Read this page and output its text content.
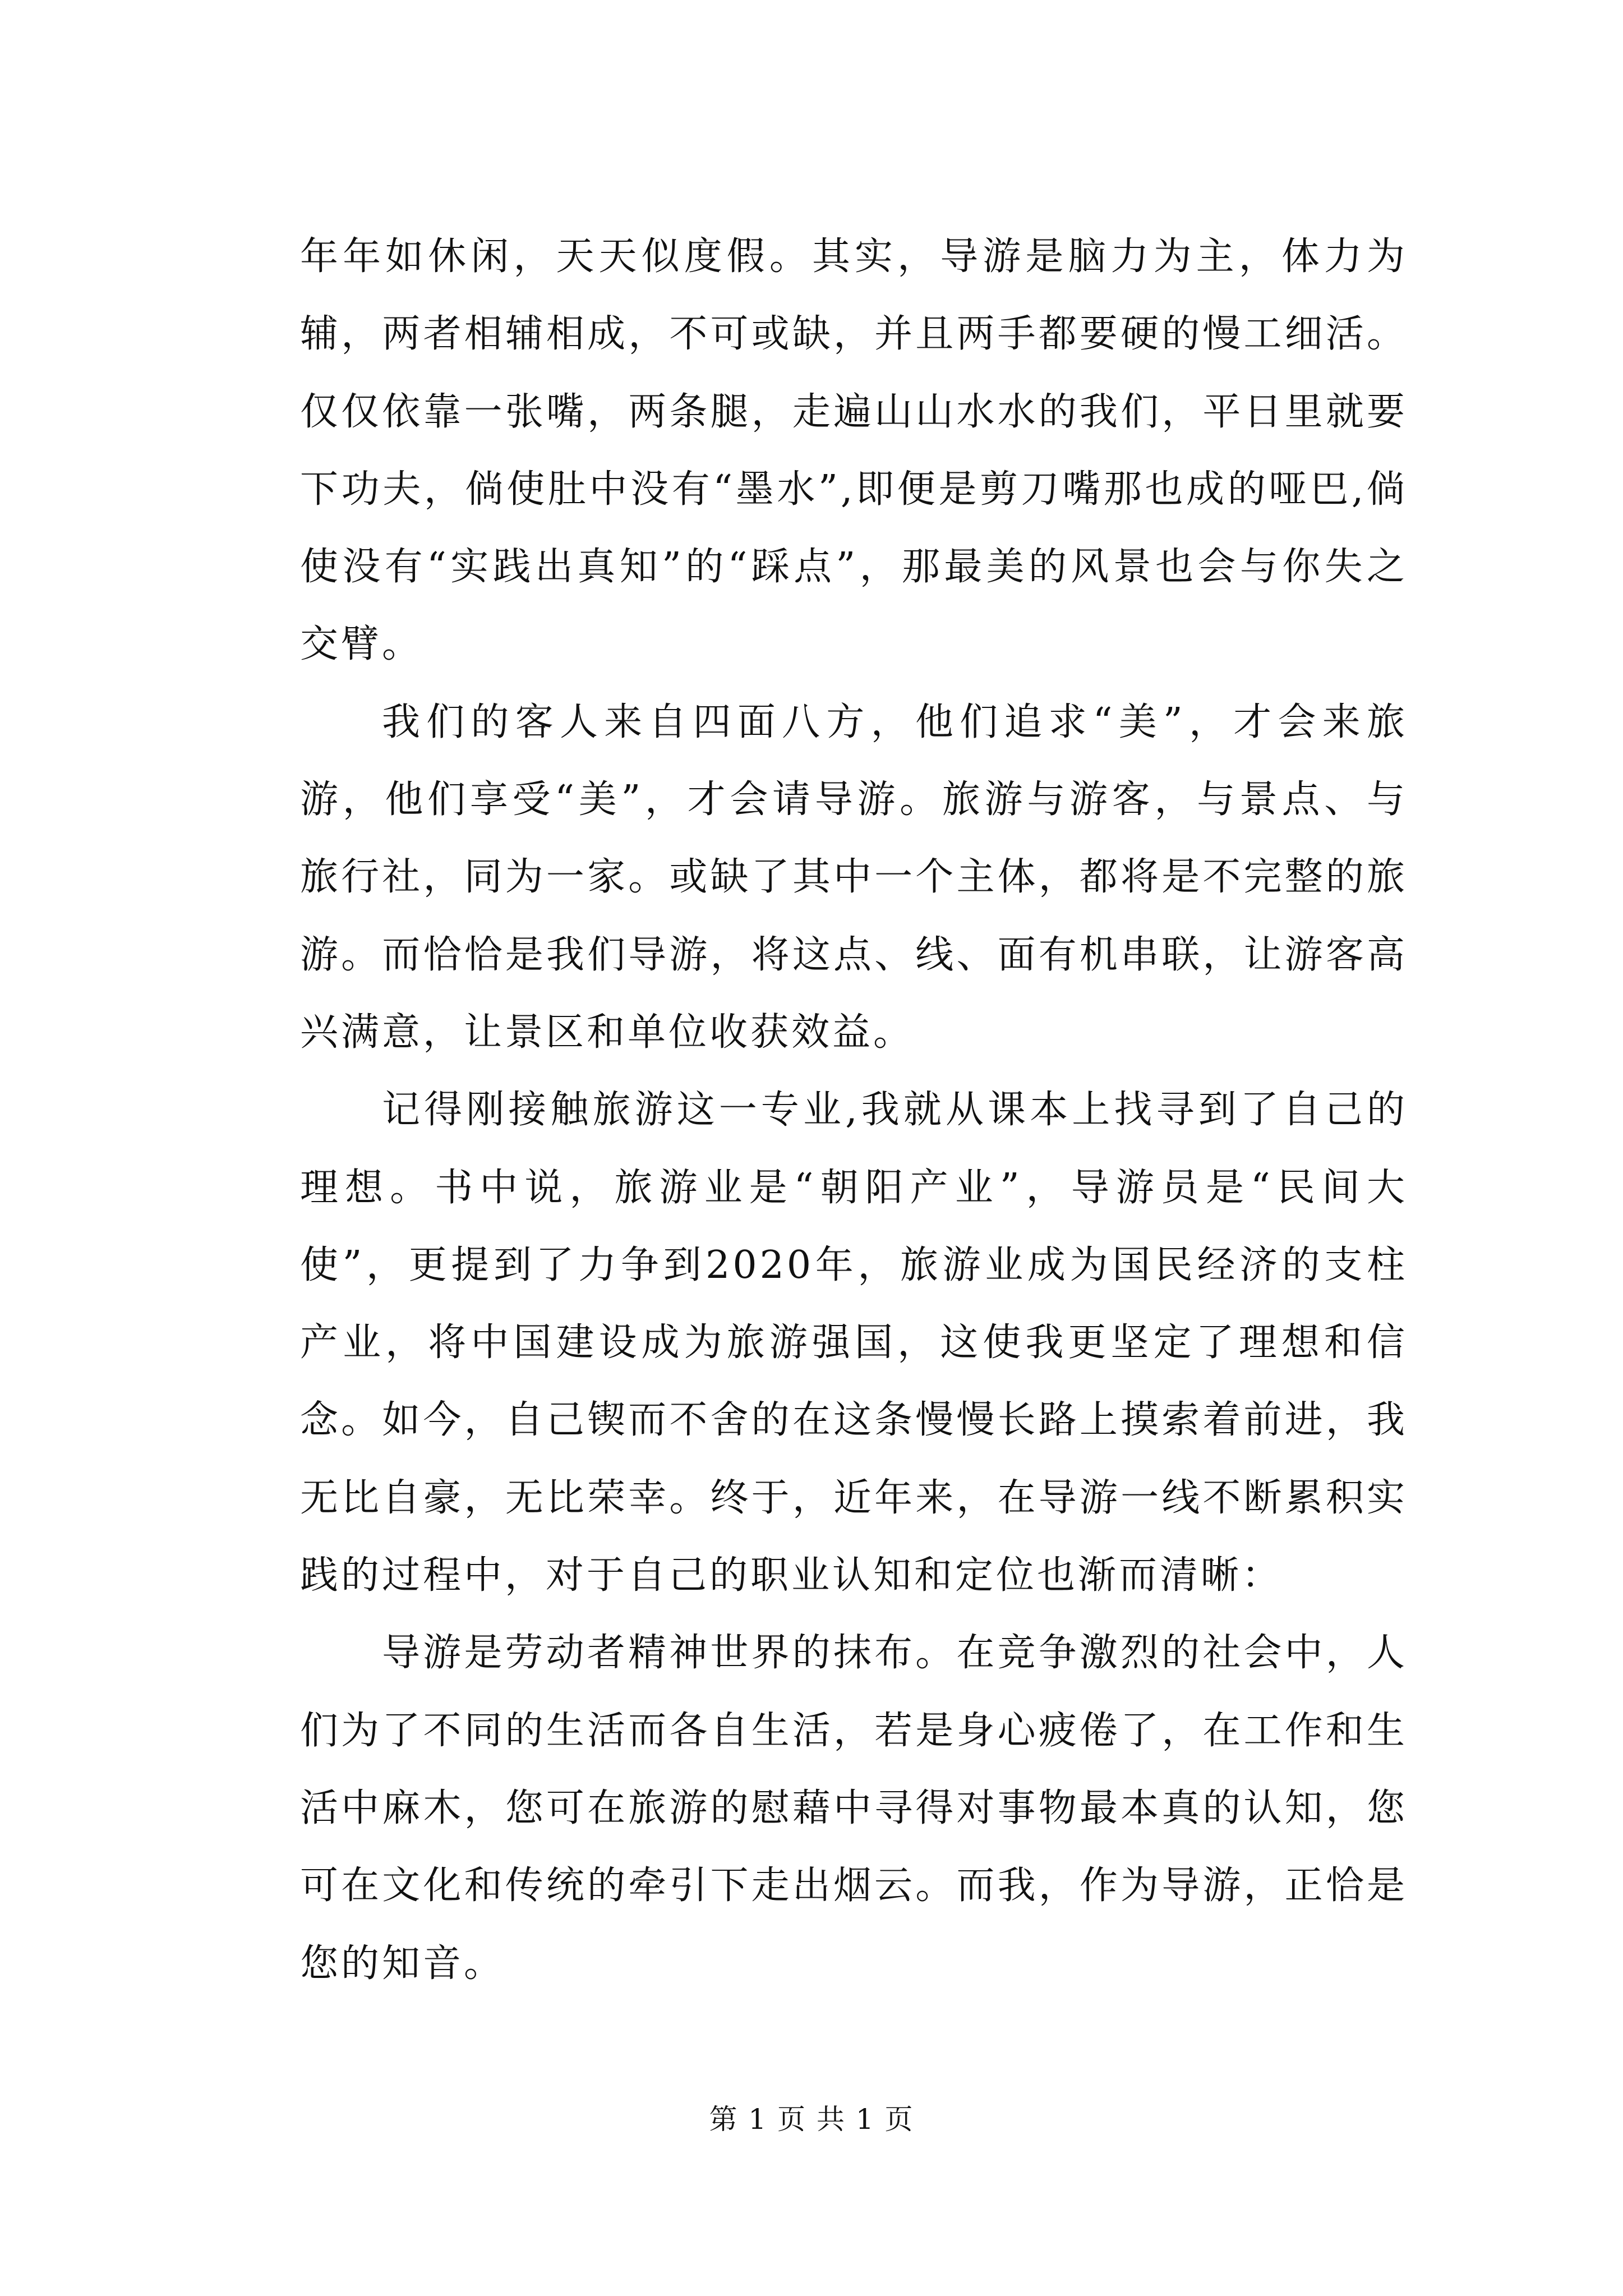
年年如休闲，天天似度假。其实，导游是脑力为主，体力为辅，两者相辅相成，不可或缺，并且两手都要硬的慢工细活。仅仅依靠一张嘴，两条腿，走遍山山水水的我们，平日里就要下功夫，倘使肚中没有“墨水”,即便是剪刀嘴那也成的哑巴,倘使没有“实践出真知”的“踩点”，那最美的风景也会与你失之交臂。

我们的客人来自四面八方，他们追求“美”，才会来旅游，他们享受“美”，才会请导游。旅游与游客，与景点、与旅行社，同为一家。或缺了其中一个主体，都将是不完整的旅游。而恰恰是我们导游，将这点、线、面有机串联，让游客高兴满意，让景区和单位收获效益。

记得刚接触旅游这一专业,我就从课本上找寻到了自己的理想。书中说，旅游业是“朝阳产业”，导游员是“民间大使”，更提到了力争到2020年，旅游业成为国民经济的支柱产业，将中国建设成为旅游强国，这使我更坚定了理想和信念。如今，自己锲而不舍的在这条慢慢长路上摸索着前进，我无比自豪，无比荣幸。终于，近年来，在导游一线不断累积实践的过程中，对于自己的职业认知和定位也渐而清晰：

导游是劳动者精神世界的抹布。在竞争激烈的社会中，人们为了不同的生活而各自生活，若是身心疲倦了，在工作和生活中麻木，您可在旅游的慰藉中寻得对事物最本真的认知，您可在文化和传统的牵引下走出烟云。而我，作为导游，正恰是您的知音。

第 1 页 共 1 页
